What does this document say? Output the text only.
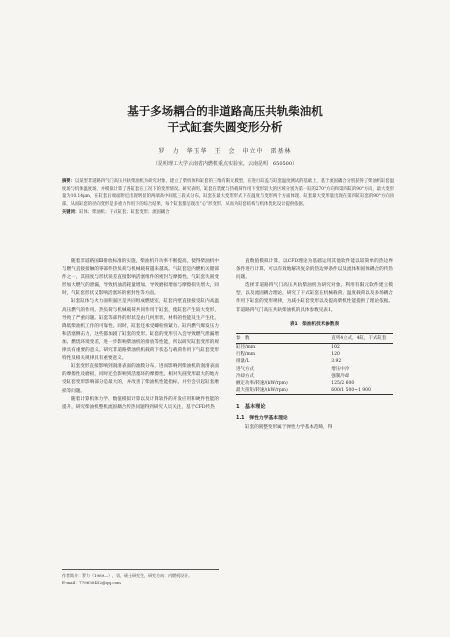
基于多场耦合的非道路高压共轨柴油机
干式缸套失圆变形分析
罗　力　华玉华　王　会　申立中　雷基林
（昆明理工大学云南省内燃机重点实验室，云南昆明　650500）
摘要：以某型非道路四气门高压共轨柴油机为研究对象，建立了柴机体和缸套的三维有限元模型，在进行缸盖与缸套温度测试的基础上，基于流固耦合分别获得了柴油机缸套温度场与机体温度场，并模拟计算了各缸套在工况下的变形情况。研究表明，缸套在装配与热载荷作用下变形较大的区域分别为第一缸的270°方向和第四缸的90°方向，最大变形量为10.14μm，在缸套后端面附近出现明显的两端高中间低三段式分布，缸套在最大变形形式下在温度与变形两个方面体现，缸套最大变形量出现在第四缸缸套的90°方向顶部，从而缸套的径向变形是多重力作用下的综合结果，每个缸套都呈现出“心”形变形，从而为缸套结构与机体优化设计提供依据。
关键词：缸体；柴油机；干式缸套；缸套变形；流固耦合

随着非道路国Ⅲ排放标准的实施，柴油机升功率不断提高，使得柴油机中与燃气直接接触的零部件热负荷与机械载荷越来越高。气缸套是内燃机关键部件之一，其圆度与形状误差直接影响活塞组件的密封与摩擦性。气缸套失圆变形加大燃气的泄漏，导致机油消耗量增加，导致磨损增加与摩擦损失增大，同时，气缸套形状又影响活塞环的密封性等方面。

缸套缸体与火力面积面区是共同组成燃烧室，缸套内壁直接接受缸内高温高压燃气的作用。热负荷与机械载荷共同作用于缸套，使缸套产生较大变形，导致了严重问题。缸套等部件的形状是由几何形状、材料的性能及生产生化、降低柴油机工作的可靠性。同时，缸套还承受螺栓预紧力、缸内燃气爆发压力和活塞侧击力，这些都加剧了缸套的变形。缸套的变形引入会导致燃气泄漏增加、燃烧环境变差，进一步影响柴油机的排放等性能，所以研究缸套变形的规律具有重要的意义。研究非道路柴油机机载荷下状态与载荷作用下气缸套变形特性及相关规律具有重要意义。

缸套变形直接影响到润滑表面的油膜分布，进而影响到柴油机的润滑表面的摩擦性及磨损，同时还会影响到活塞环的摩擦性。相对失圆变形最大的地方受缸套变形影响部分是最大的，并改善了柴油机性能指标，并至会引起缸套磨损等问题。

随着计算机体力学、数值模拟计算以及计算软件的开发应用和硬件性能的提升，研究柴油机整机流固耦合传热问题得到研究人员关注，基于CFD传热

直数值模拟计算，以CFD理论为基础运用其他软件能以较简单的热边界条件进行计算，可以有效地解决复杂的热边界条件以及流体和固体耦合的传热问题。

选择非道路四气门高压共轨柴油机为研究对象，利用有限元软件建立模型，以及流固耦合理论，研究了干式缸套在机械载荷，温度载荷以及多场耦合作用下缸套的变形规律，为减小缸套变形以及提高柴机性能提供了理论依据。非道路四气门高压共轨柴油机的具体参数见表1。

表1　柴油机技术参数表
参　数	直列4立式，4缸，干式缸套
缸径/mm	102
行程/mm	120
排量/L	3.92
进气方式	增压中冷
冷却方式	强制冷却
额定功率/转速/(kW/rpm)	125/2 600
最大扭矩/转速/(kW/rpm)	600/1 500~1 900
1　基本理论
1.1　弹性力学基本理论

缸套的圆整变形属于弹性力学基本范畴，得

作者简介：罗力（1989—），男，硕士研究生，研究方向：内燃机设计。
E-mail：779630452@qq.com
